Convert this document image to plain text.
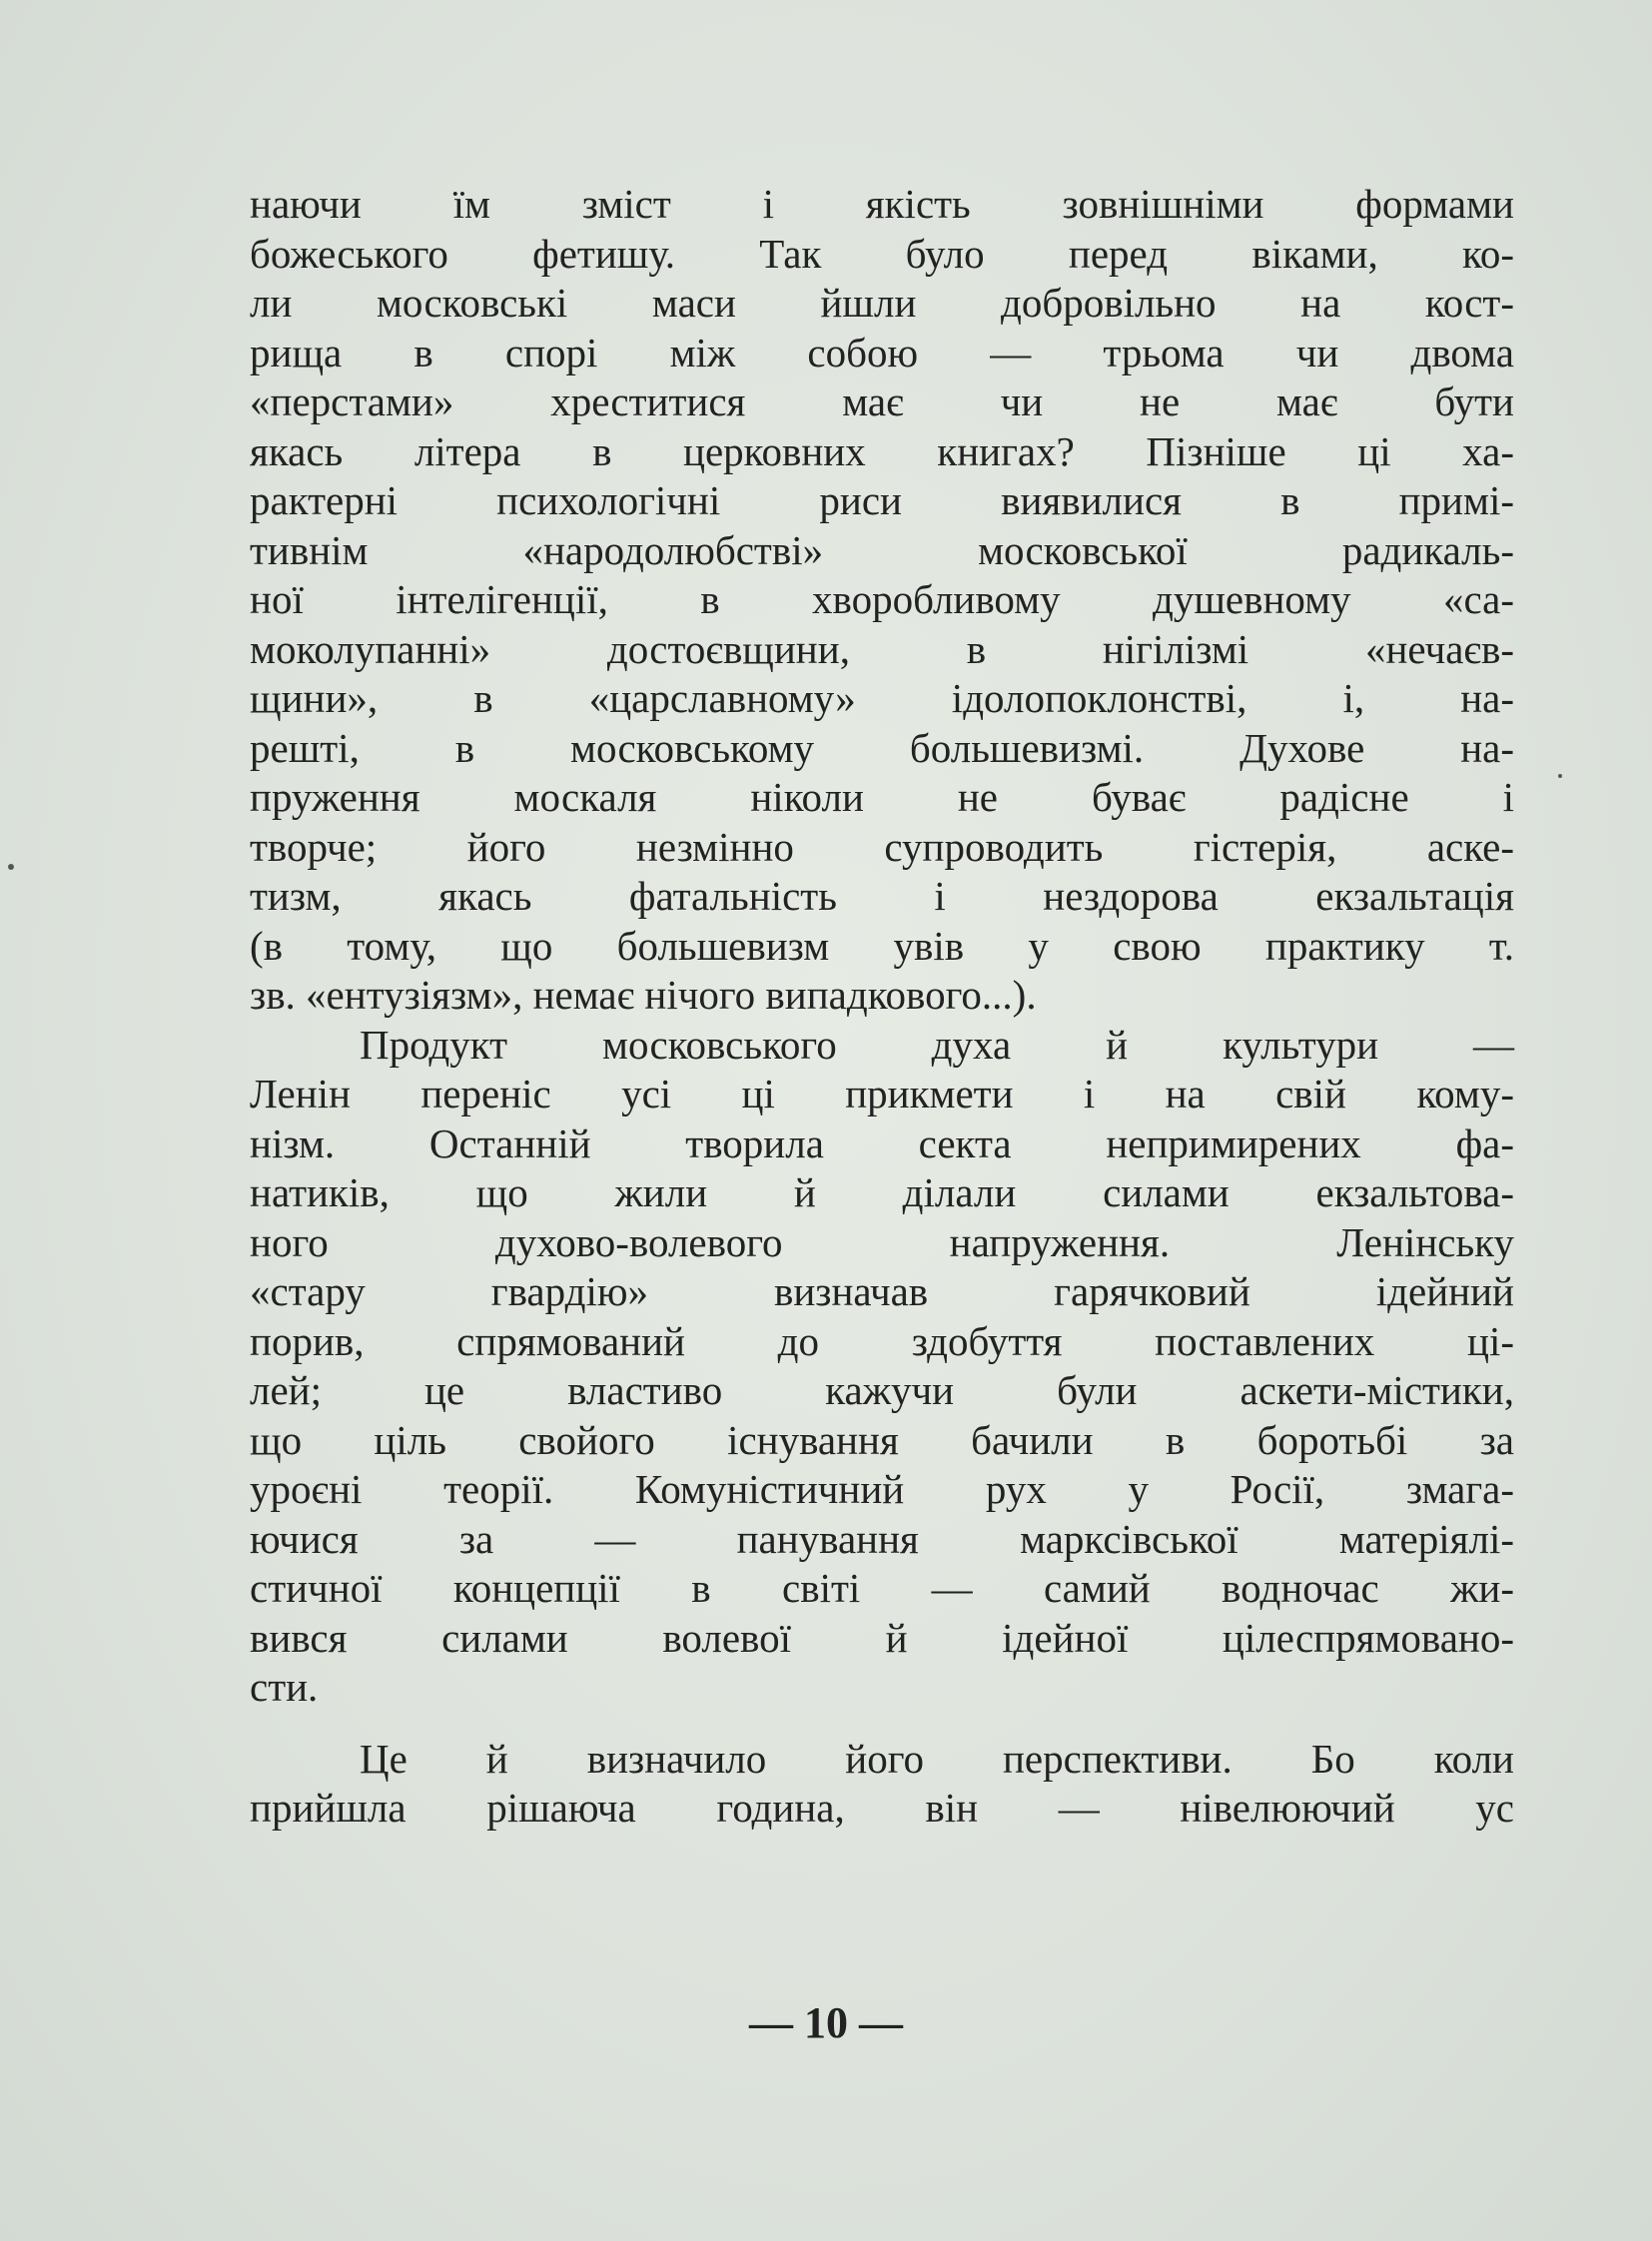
наючи їм зміст і якість зовнішніми формами
божеського фетишу. Так було перед віками, ко-
ли московські маси йшли добровільно на кост-
рища в спорі між собою — трьома чи двома
«перстами» хреститися має чи не має бути
якась літера в церковних книгах? Пізніше ці ха-
рактерні психологічні риси виявилися в примі-
тивнім «народолюбстві» московської радикаль-
ної інтелігенції, в хворобливому душевному «са-
моколупанні» достоєвщини, в нігілізмі «нечаєв-
щини», в «царславному» ідолопоклонстві, і, на-
решті, в московському большевизмі. Духове на-
пруження москаля ніколи не буває радісне і
творче; його незмінно супроводить гістерія, аске-
тизм, якась фатальність і нездорова екзальтація
(в тому, що большевизм увів у свою практику т.
зв. «ентузіязм», немає нічого випадкового...).
Продукт московського духа й культури —
Ленін переніс усі ці прикмети і на свій кому-
нізм. Останній творила секта непримирених фа-
натиків, що жили й ділали силами екзальтова-
ного духово-волевого напруження. Ленінську
«стару гвардію» визначав гарячковий ідейний
порив, спрямований до здобуття поставлених ці-
лей; це властиво кажучи були аскети-містики,
що ціль свойого існування бачили в боротьбі за
уроєні теорії. Комуністичний рух у Росії, змага-
ючися за — панування марксівської матеріялі-
стичної концепції в світі — самий водночас жи-
вився силами волевої й ідейної цілеспрямовано-
сти.
Це й визначило його перспективи. Бо коли
прийшла рішаюча година, він — нівелюючий ус
— 10 —
